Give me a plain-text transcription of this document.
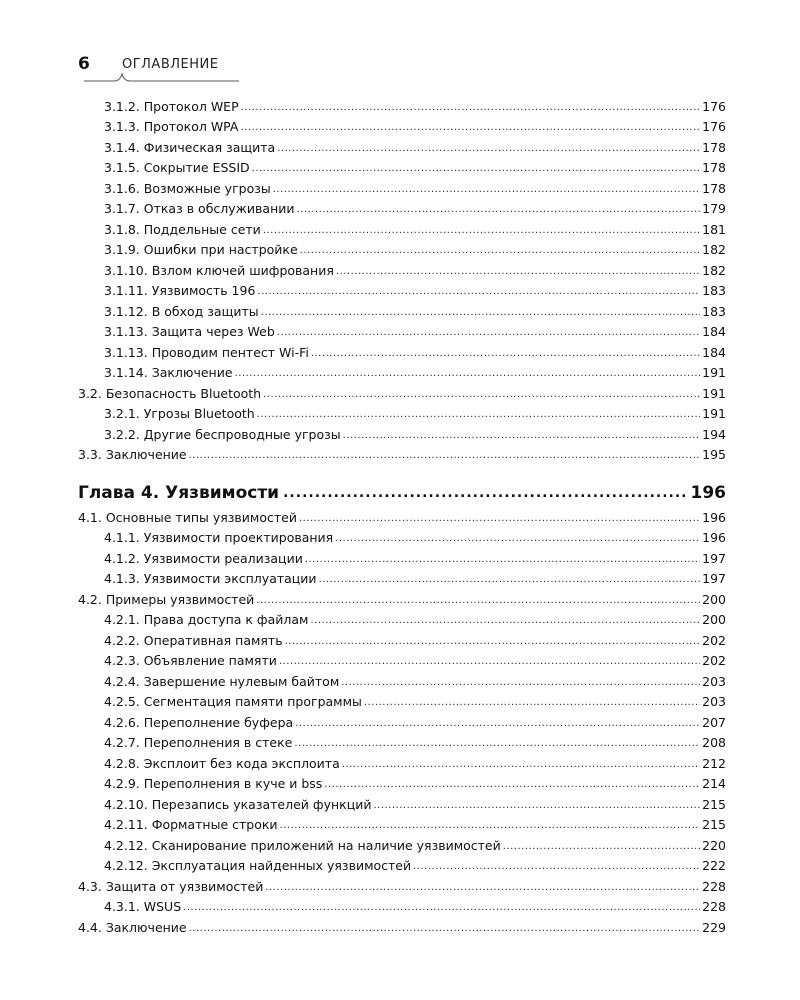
6 ОГЛАВЛЕНИЕ
3.1.2. Протокол WEP .....	176
3.1.3. Протокол WPA .....	176
3.1.4. Физическая защита .....	178
3.1.5. Сокрытие ESSID .....	178
3.1.6. Возможные угрозы .....	178
3.1.7. Отказ в обслуживании .....	179
3.1.8. Поддельные сети .....	181
3.1.9. Ошибки при настройке .....	182
3.1.10. Взлом ключей шифрования .....	182
3.1.11. Уязвимость 196 .....	183
3.1.12. В обход защиты .....	183
3.1.13. Защита через Web .....	184
3.1.13. Проводим пентест Wi-Fi .....	184
3.1.14. Заключение .....	191
3.2. Безопасность Bluetooth .....	191
3.2.1. Угрозы Bluetooth .....	191
3.2.2. Другие беспроводные угрозы .....	194
3.3. Заключение .....	195
Глава 4. Уязвимости .....	196
4.1. Основные типы уязвимостей .....	196
4.1.1. Уязвимости проектирования .....	196
4.1.2. Уязвимости реализации .....	197
4.1.3. Уязвимости эксплуатации .....	197
4.2. Примеры уязвимостей .....	200
4.2.1. Права доступа к файлам .....	200
4.2.2. Оперативная память .....	202
4.2.3. Объявление памяти .....	202
4.2.4. Завершение нулевым байтом .....	203
4.2.5. Сегментация памяти программы .....	203
4.2.6. Переполнение буфера .....	207
4.2.7. Переполнения в стеке .....	208
4.2.8. Эксплоит без кода эксплоита .....	212
4.2.9. Переполнения в куче и bss .....	214
4.2.10. Перезапись указателей функций .....	215
4.2.11. Форматные строки .....	215
4.2.12. Сканирование приложений на наличие уязвимостей .....	220
4.2.12. Эксплуатация найденных уязвимостей .....	222
4.3. Защита от уязвимостей .....	228
4.3.1. WSUS .....	228
4.4. Заключение .....	229
